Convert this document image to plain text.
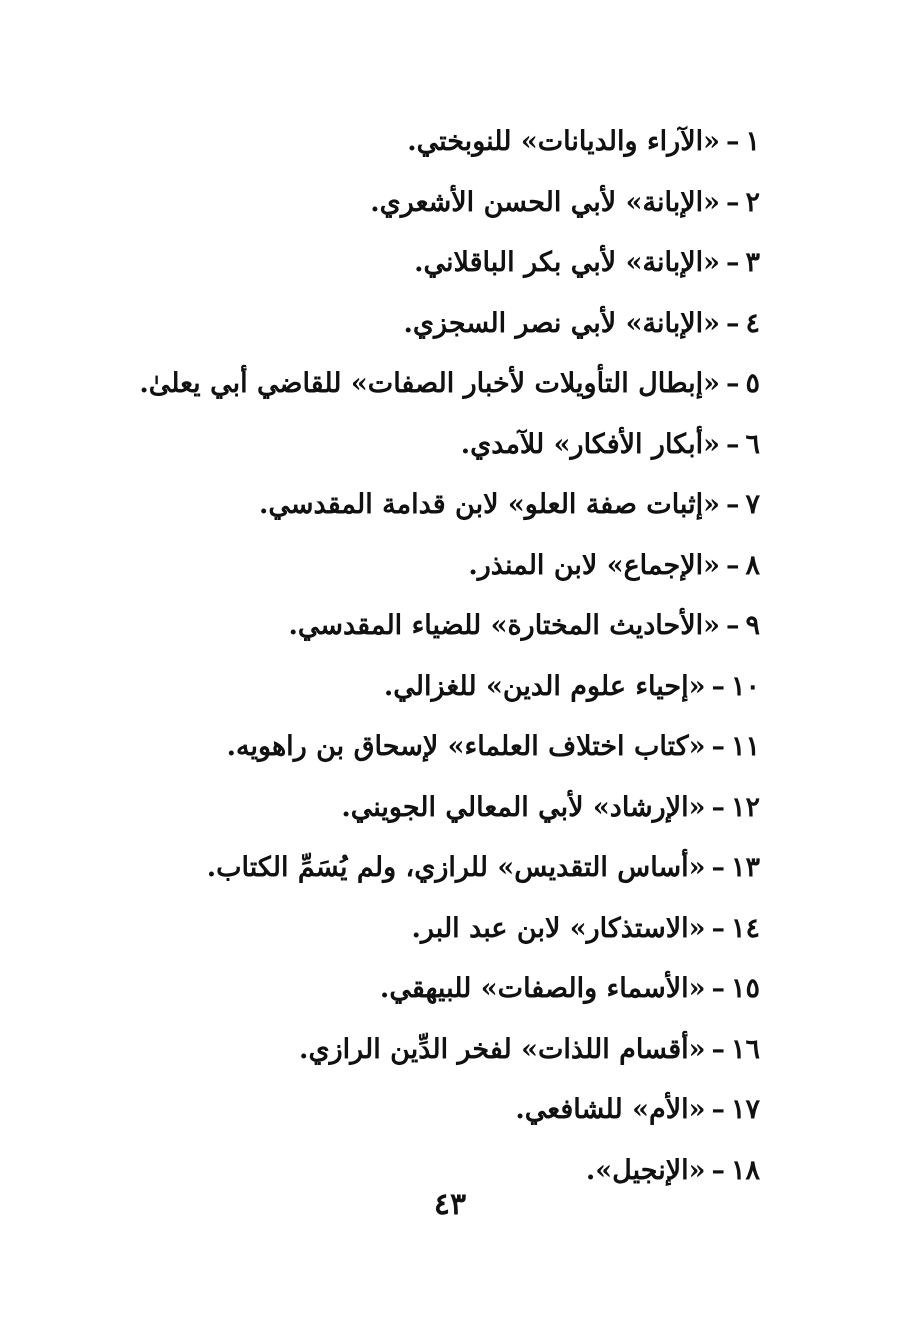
١–«الآراء والديانات» للنوبختي.
٢–«الإبانة» لأبي الحسن الأشعري.
٣–«الإبانة» لأبي بكر الباقلاني.
٤–«الإبانة» لأبي نصر السجزي.
٥–«إبطال التأويلات لأخبار الصفات» للقاضي أبي يعلىٰ.
٦–«أبكار الأفكار» للآمدي.
٧–«إثبات صفة العلو» لابن قدامة المقدسي.
٨–«الإجماع» لابن المنذر.
٩–«الأحاديث المختارة» للضياء المقدسي.
١٠–«إحياء علوم الدين» للغزالي.
١١–«كتاب اختلاف العلماء» لإسحاق بن راهويه.
١٢–«الإرشاد» لأبي المعالي الجويني.
١٣–«أساس التقديس» للرازي، ولم يُسَمِّ الكتاب.
١٤–«الاستذكار» لابن عبد البر.
١٥–«الأسماء والصفات» للبيهقي.
١٦–«أقسام اللذات» لفخر الدِّين الرازي.
١٧–«الأم» للشافعي.
١٨–«الإنجيل».
٤٣
